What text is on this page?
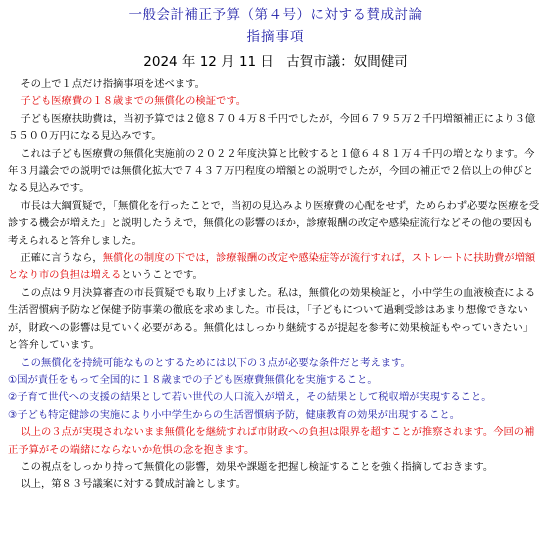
一般会計補正予算（第４号）に対する賛成討論
指摘事項
2024 年 12 月 11 日 古賀市議：奴間健司

その上で１点だけ指摘事項を述べます。

子ども医療費の１８歳までの無償化の検証です。

子ども医療扶助費は，当初予算では２億８７０４万８千円でしたが，今回６７９５万２千円増額補正により３億５５００万円になる見込みです。

これは子ども医療費の無償化実施前の２０２２年度決算と比較すると１億６４８１万４千円の増となります。今年３月議会での説明では無償化拡大で７４３７万円程度の増額との説明でしたが，今回の補正で２倍以上の伸びとなる見込みです。

市長は大綱質疑で，「無償化を行ったことで，当初の見込みより医療費の心配をせず，ためらわず必要な医療を受診する機会が増えた」と説明したうえで，無償化の影響のほか，診療報酬の改定や感染症流行などその他の要因も考えられると答弁しました。

正確に言うなら，無償化の制度の下では，診療報酬の改定や感染症等が流行すれば，ストレートに扶助費が増額となり市の負担は増えるということです。

この点は９月決算審査の市長質疑でも取り上げました。私は，無償化の効果検証と，小中学生の血液検査による生活習慣病予防など保健予防事業の徹底を求めました。市長は，「子どもについて過剰受診はあまり想像できないが，財政への影響は見ていく必要がある。無償化はしっかり継続するが提起を参考に効果検証もやっていきたい」と答弁しています。

この無償化を持続可能なものとするためには以下の３点が必要な条件だと考えます。

①国が責任をもって全国的に１８歳までの子ども医療費無償化を実施すること。

②子育て世代への支援の結果として若い世代の人口流入が増え，その結果として税収増が実現すること。

③子ども特定健診の実施により小中学生からの生活習慣病予防，健康教育の効果が出現すること。

以上の３点が実現されないまま無償化を継続すれば市財政への負担は限界を超すことが推察されます。今回の補正予算がその端緒にならないか危惧の念を抱きます。

この視点をしっかり持って無償化の影響，効果や課題を把握し検証することを強く指摘しておきます。

以上，第８３号議案に対する賛成討論とします。
